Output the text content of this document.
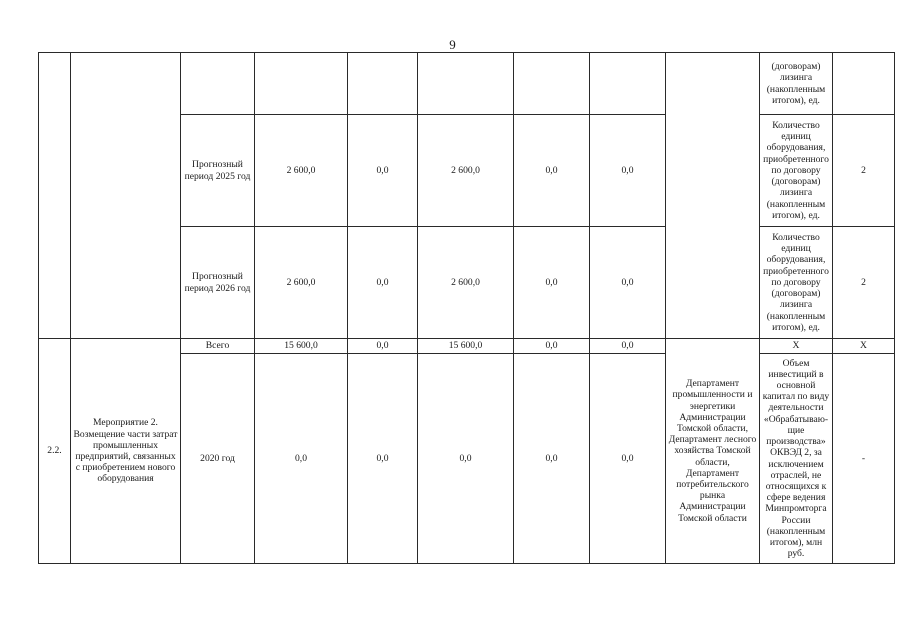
9
									(договорам) лизинга (накопленным итогом), ед.	
		Прогнозный период 2025 год	2 600,0	0,0	2 600,0	0,0	0,0		Количество единиц оборудования, приобретенного по договору (договорам) лизинга (накопленным итогом), ед.	2
		Прогнозный период 2026 год	2 600,0	0,0	2 600,0	0,0	0,0		Количество единиц оборудования, приобретенного по договору (договорам) лизинга (накопленным итогом), ед.	2
2.2.	Мероприятие 2. Возмещение части затрат промышленных предприятий, связанных с приобретением нового оборудования	Всего	15 600,0	0,0	15 600,0	0,0	0,0	Департамент промышленности и энергетики Администрации Томской области, Департамент лесного хозяйства Томской области, Департамент потребительского рынка Администрации Томской области	X	X
		2020 год	0,0	0,0	0,0	0,0	0,0		Объем инвестиций в основной капитал по виду деятельности «Обрабатываю-щие производства» ОКВЭД 2, за исключением отраслей, не относящихся к сфере ведения Минпромторга России (накопленным итогом), млн руб.	-
